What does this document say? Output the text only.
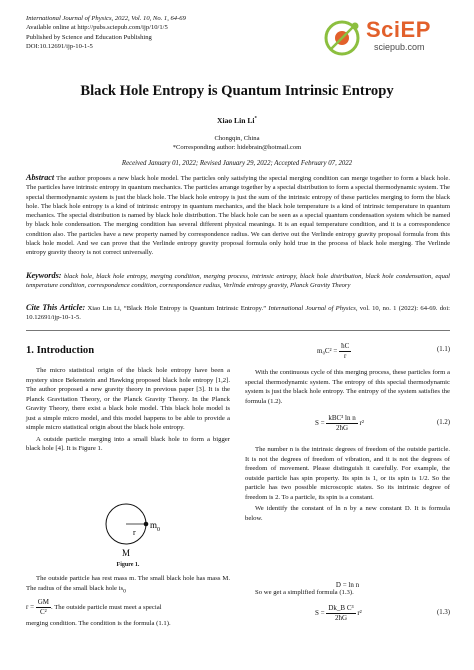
International Journal of Physics, 2022, Vol. 10, No. 1, 64-69
Available online at http://pubs.sciepub.com/ijp/10/1/5
Published by Science and Education Publishing
DOI:10.12691/ijp-10-1-5
SciEP
sciepub.com
Black Hole Entropy is Quantum Intrinsic Entropy
Xiao Lin Li*
Chongqin, China
*Corresponding author: hidebrain@hotmail.com
Received January 01, 2022; Revised January 29, 2022; Accepted February 07, 2022
Abstract The author proposes a new black hole model. The particles only satisfying the special merging condition can merge together to form a black hole. The particles have intrinsic entropy in quantum mechanics. The particles arrange together by a special distribution to form a special thermodynamic system. The special thermodynamic system is just the black hole. The black hole entropy is just the sum of the intrinsic entropy of these particles merging to form the black hole. The black hole entropy is a kind of intrinsic entropy in quantum mechanics, and the black hole temperature is a kind of intrinsic temperature in quantum mechanics. The special distribution is named by black hole distribution. The black hole can be seen as a special quantum condensation system which be named by black hole condensation. The merging condition has several different physical meanings. It is an equal temperature condition, and it is a correspondence condition also. The particles have a new property named by correspondence radius. We can derive out the Verlinde entropy gravity proposal formula from this black hole model. And we can prove that the Verlinde entropy gravity proposal formula only hold true in the process of black hole merging. The Verlinde entropy gravity theory is not correct universally.
Keywords: black hole, black hole entropy, merging condition, merging process, intrinsic entropy, black hole distribution, black hole condensation, equal temperature condition, correspondence condition, correspondence radius, Verlinde entropy gravity, Planck Gravity Theory
Cite This Article: Xiao Lin Li, “Black Hole Entropy is Quantum Intrinsic Entropy.” International Journal of Physics, vol. 10, no. 1 (2022): 64-69. doi: 10.12691/ijp-10-1-5.
1. Introduction

The micro statistical origin of the black hole entropy have been a mystery since Bekenstein and Hawking proposed black hole entropy [1,2]. The author proposed a new gravity theory in previous paper [3]. It is the Planck Gravitation Theory, or the Planck Gravity Theory. In the Planck Gravity Theory, there exist a black hole model. This black hole model is just a simple micro model, and this model happens to be able to provide a simple micro statistical origin about the black hole entropy.

A outside particle merging into a small black hole to form a bigger black hole [4]. It is Figure 1.

r
m 0
M
Figure 1.

The outside particle has rest mass m. The small black hole has mass M. The radius of the small black hole $is_0$

$r = \frac{GM}{\text{C²}}$ . The outside particle must meet a special

merging condition. The condition is the formula (1.1).

$m_0C^2 = \frac{ħC}{r}$	(1.1)

With the continuous cycle of this merging process, these particles form a special thermodynamic system. The entropy of this special thermodynamic system is just the black hole entropy. The entropy of the system satisfies the formula (1.2).

$S = \frac{\text{kBC³ ln n}}{2ħG} r^2$	(1.2)

The number n is the intrinsic degrees of freedom of the outside particle. It is not the degrees of freedom of vibration, and it is not the degrees of freedom of movement. Please distinguish it carefully. For example, the outside particle has spin property. Its spin is 1, or its spin is 1/2. So the particle has two possible microscopic states. So its intrinsic degree of freedom is 2. To a particle, its spin is a constant.

We identify the constant of ln n by a new constant D. It is formula below.

D = ln n

So we get a simplified formula (1.3).

$S = \frac{\text{Dk\_B C³}}{2ħG} r^2$	(1.3)
